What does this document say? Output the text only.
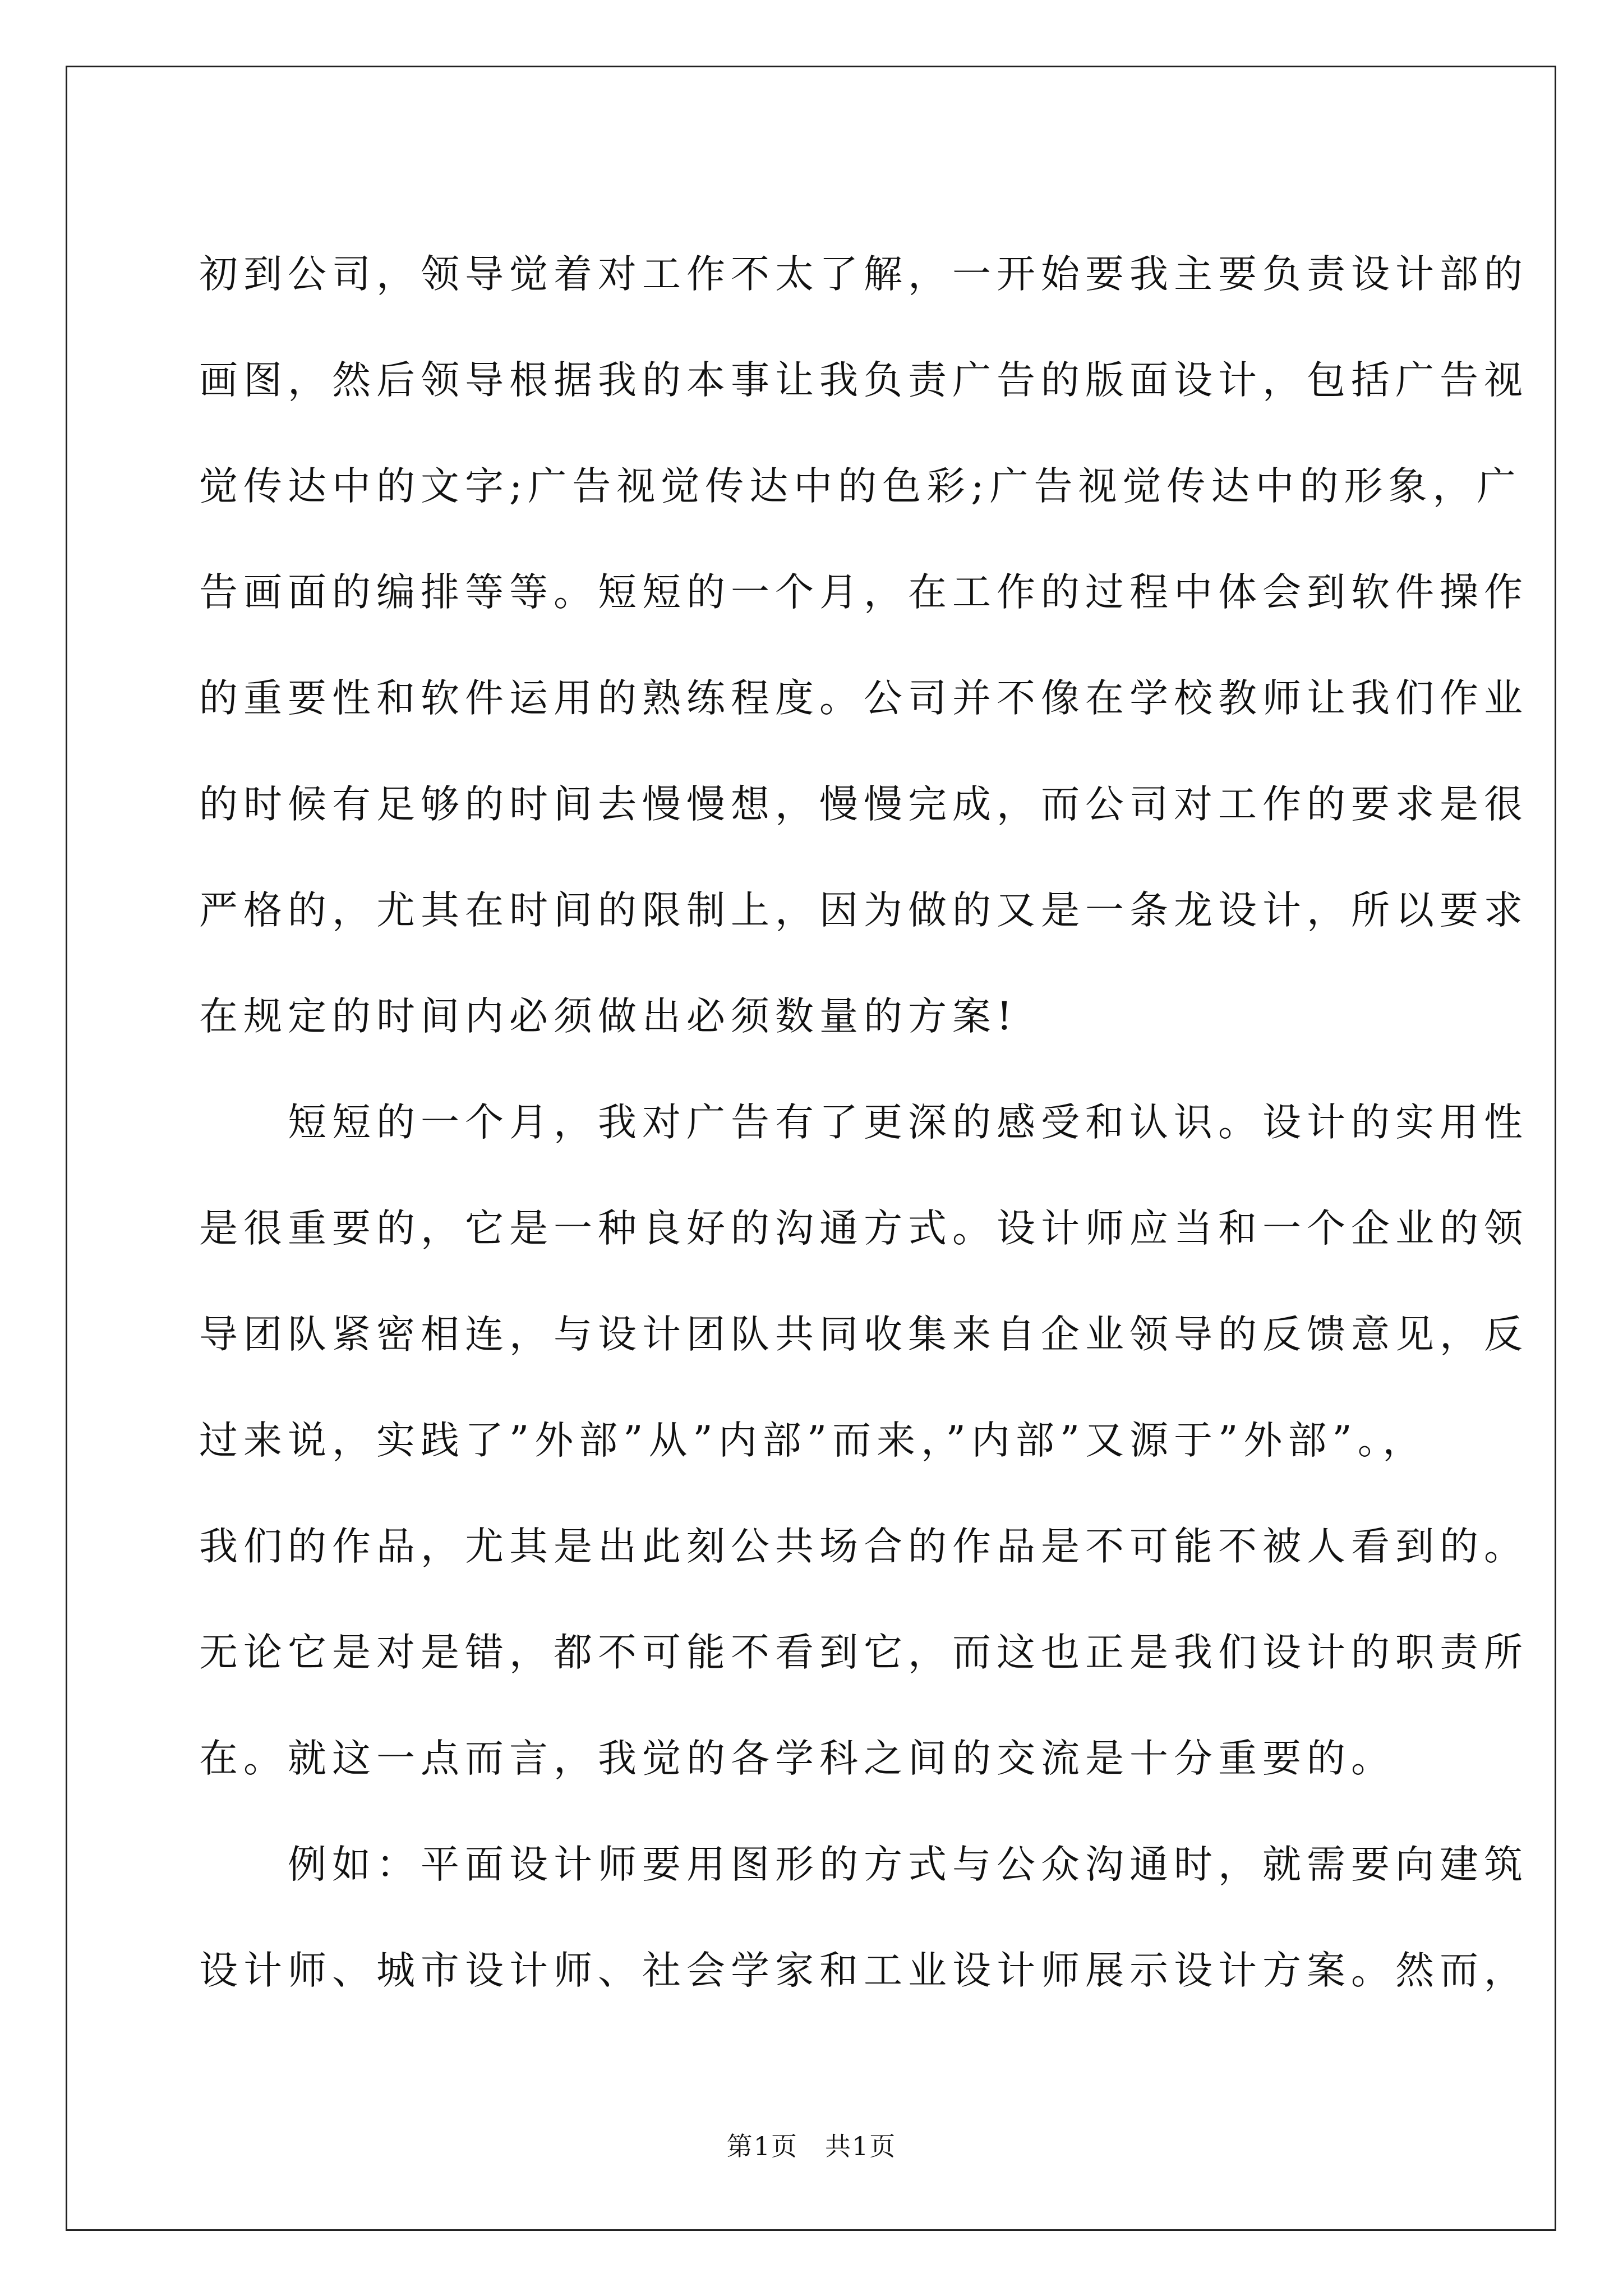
初到公司，领导觉着对工作不太了解，一开始要我主要负责设计部的
画图，然后领导根据我的本事让我负责广告的版面设计，包括广告视
觉传达中的文字;广告视觉传达中的色彩;广告视觉传达中的形象，广
告画面的编排等等。短短的一个月，在工作的过程中体会到软件操作
的重要性和软件运用的熟练程度。公司并不像在学校教师让我们作业
的时候有足够的时间去慢慢想，慢慢完成，而公司对工作的要求是很
严格的，尤其在时间的限制上，因为做的又是一条龙设计，所以要求
在规定的时间内必须做出必须数量的方案!
　　短短的一个月，我对广告有了更深的感受和认识。设计的实用性
是很重要的，它是一种良好的沟通方式。设计师应当和一个企业的领
导团队紧密相连，与设计团队共同收集来自企业领导的反馈意见，反
过来说，实践了”外部”从”内部”而来，”内部”又源于”外部”。，
我们的作品，尤其是出此刻公共场合的作品是不可能不被人看到的。
无论它是对是错，都不可能不看到它，而这也正是我们设计的职责所
在。就这一点而言，我觉的各学科之间的交流是十分重要的。
　　例如：平面设计师要用图形的方式与公众沟通时，就需要向建筑
设计师、城市设计师、社会学家和工业设计师展示设计方案。然而，
第1页　共1页
